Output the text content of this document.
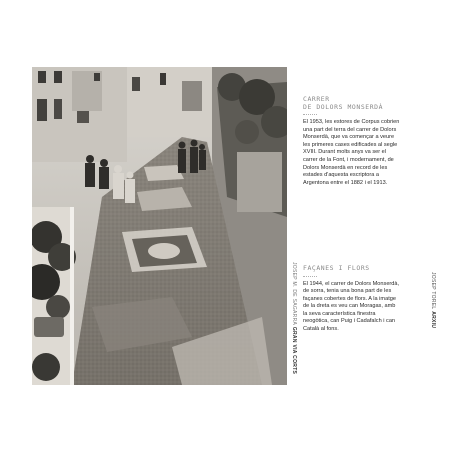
JOSEP M. DE SAGARRA GRAN VIA CORTS
CARRER
DE DOLORS MONSERDÀ

El 1953, les estores de Corpus cobrien una part del terra del carrer de Dolors Monserdà, que va començar a veure les primeres cases edificades al segle XVIII. Durant molts anys va ser el carrer de la Font, i modernament, de Dolors Monserdà en record de les estades d'aquesta escriptora a Argentona entre el 1882 i el 1913.

FAÇANES I FLORS

El 1944, el carrer de Dolors Monserdà, de sorra, tenia una bona part de les façanes cobertes de flors. A la imatge de la dreta es veu can Moragas, amb la seva característica finestra neogòtica, can Puig i Cadafalch i can Català al fons.

JOSEP TOREL ARXIU
